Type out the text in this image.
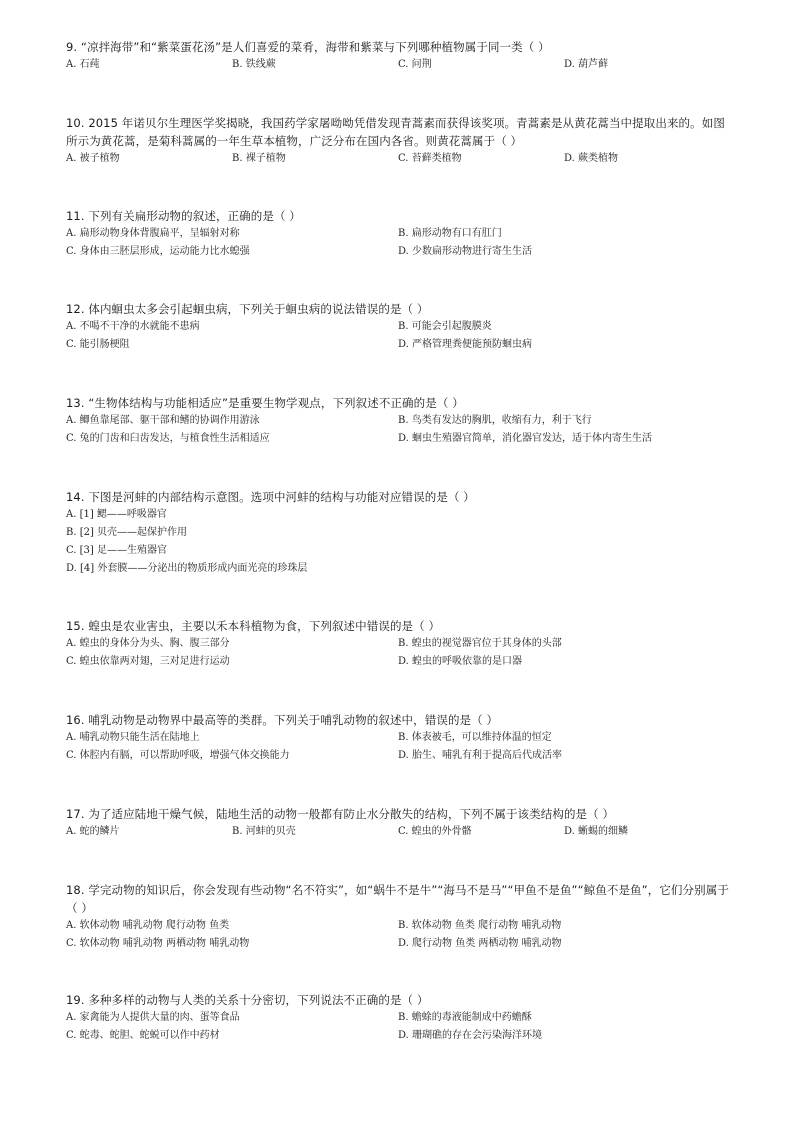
9. “凉拌海带”和“紫菜蛋花汤”是人们喜爱的菜肴，海带和紫菜与下列哪种植物属于同一类（ ）
A. 石莼	B. 铁线蕨	C. 问荆	D. 葫芦藓
10. 2015 年诺贝尔生理医学奖揭晓，我国药学家屠呦呦凭借发现青蒿素而获得该奖项。青蒿素是从黄花蒿当中提取出来的。如图所示为黄花蒿，是菊科蒿属的一年生草本植物，广泛分布在国内各省。则黄花蒿属于（ ）
A. 被子植物	B. 裸子植物	C. 苔藓类植物	D. 蕨类植物
11. 下列有关扁形动物的叙述，正确的是（ ）
A. 扁形动物身体背腹扁平，呈辐射对称	B. 扁形动物有口有肛门
C. 身体由三胚层形成，运动能力比水螅强	D. 少数扁形动物进行寄生生活
12. 体内蛔虫太多会引起蛔虫病，下列关于蛔虫病的说法错误的是（ ）
A. 不喝不干净的水就能不患病	B. 可能会引起腹膜炎
C. 能引肠梗阻	D. 严格管理粪便能预防蛔虫病
13. “生物体结构与功能相适应”是重要生物学观点，下列叙述不正确的是（ ）
A. 鲫鱼靠尾部、躯干部和鳍的协调作用游泳	B. 鸟类有发达的胸肌，收缩有力，利于飞行
C. 兔的门齿和臼齿发达，与植食性生活相适应	D. 蛔虫生殖器官简单，消化器官发达，适于体内寄生生活
14. 下图是河蚌的内部结构示意图。选项中河蚌的结构与功能对应错误的是（ ）
A. [1] 鳃——呼吸器官
B. [2] 贝壳——起保护作用
C. [3] 足——生殖器官
D. [4] 外套膜——分泌出的物质形成内面光亮的珍珠层
15. 蝗虫是农业害虫，主要以禾本科植物为食，下列叙述中错误的是（ ）
A. 蝗虫的身体分为头、胸、腹三部分	B. 蝗虫的视觉器官位于其身体的头部
C. 蝗虫依靠两对翅，三对足进行运动	D. 蝗虫的呼吸依靠的是口器
16. 哺乳动物是动物界中最高等的类群。下列关于哺乳动物的叙述中，错误的是（ ）
A. 哺乳动物只能生活在陆地上	B. 体表被毛，可以维持体温的恒定
C. 体腔内有膈，可以帮助呼吸，增强气体交换能力	D. 胎生、哺乳有利于提高后代成活率
17. 为了适应陆地干燥气候，陆地生活的动物一般都有防止水分散失的结构，下列不属于该类结构的是（ ）
A. 蛇的鳞片	B. 河蚌的贝壳	C. 蝗虫的外骨骼	D. 蜥蜴的细鳞
18. 学完动物的知识后，你会发现有些动物“名不符实”，如“蜗牛不是牛”“海马不是马”“甲鱼不是鱼”“鲸鱼不是鱼”，它们分别属于（ ）
A. 软体动物 哺乳动物 爬行动物 鱼类	B. 软体动物 鱼类 爬行动物 哺乳动物
C. 软体动物 哺乳动物 两栖动物 哺乳动物	D. 爬行动物 鱼类 两栖动物 哺乳动物
19. 多种多样的动物与人类的关系十分密切，下列说法不正确的是（ ）
A. 家禽能为人提供大量的肉、蛋等食品	B. 蟾蜍的毒液能制成中药蟾酥
C. 蛇毒、蛇胆、蛇蜕可以作中药材	D. 珊瑚礁的存在会污染海洋环境
